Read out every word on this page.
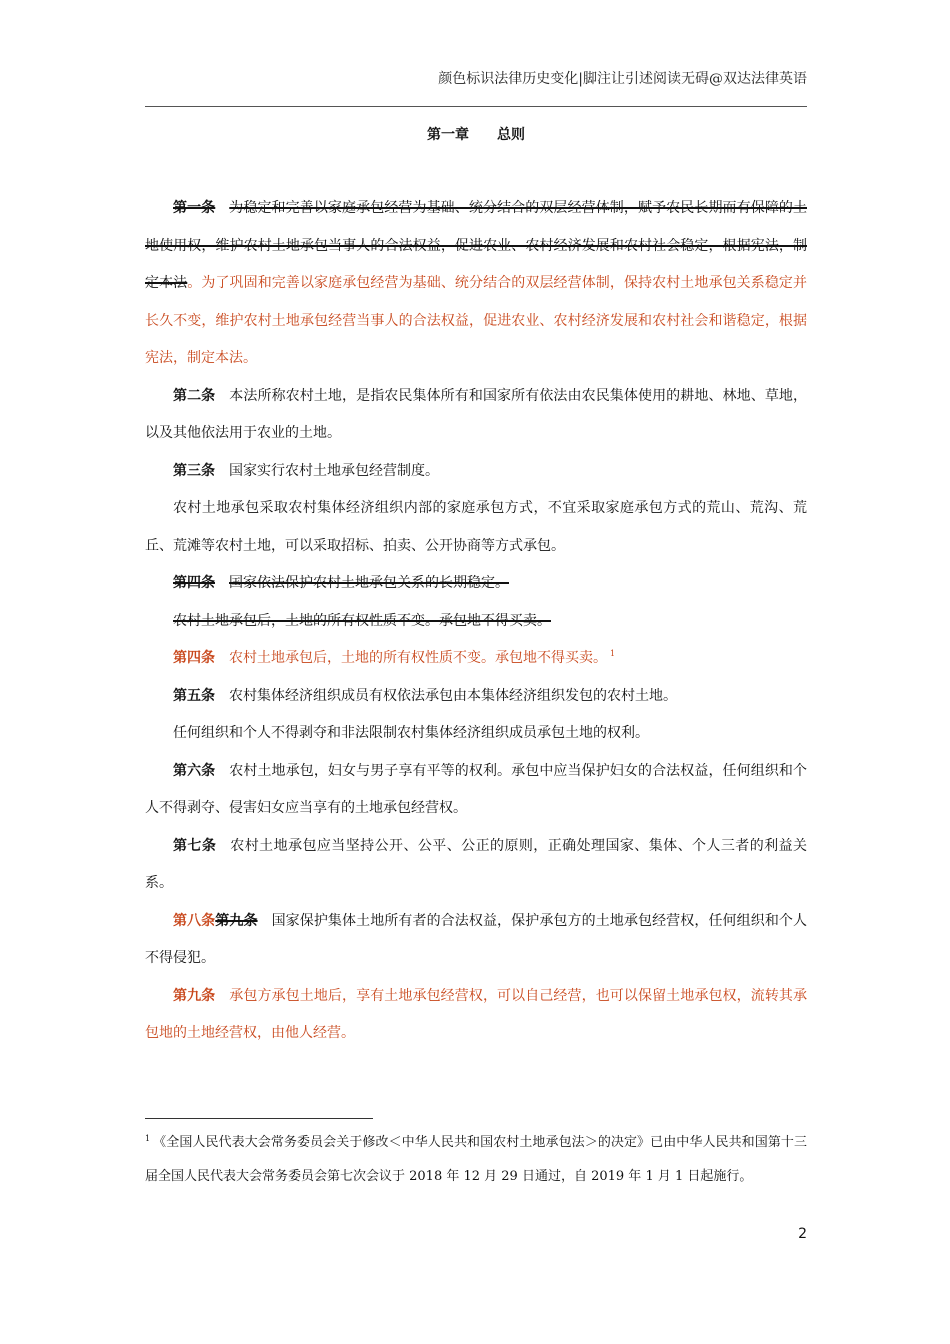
颜色标识法律历史变化|脚注让引述阅读无碍@双达法律英语
第一章　　总则

第一条 为稳定和完善以家庭承包经营为基础、统分结合的双层经营体制，赋予农民长期而有保障的土地使用权，维护农村土地承包当事人的合法权益，促进农业、农村经济发展和农村社会稳定，根据宪法，制定本法。为了巩固和完善以家庭承包经营为基础、统分结合的双层经营体制，保持农村土地承包关系稳定并长久不变，维护农村土地承包经营当事人的合法权益，促进农业、农村经济发展和农村社会和谐稳定，根据宪法，制定本法。

第二条 本法所称农村土地，是指农民集体所有和国家所有依法由农民集体使用的耕地、林地、草地，以及其他依法用于农业的土地。

第三条 国家实行农村土地承包经营制度。

农村土地承包采取农村集体经济组织内部的家庭承包方式，不宜采取家庭承包方式的荒山、荒沟、荒丘、荒滩等农村土地，可以采取招标、拍卖、公开协商等方式承包。

第四条 国家依法保护农村土地承包关系的长期稳定。

农村土地承包后，土地的所有权性质不变。承包地不得买卖。

第四条 农村土地承包后，土地的所有权性质不变。承包地不得买卖。 $^1$

第五条 农村集体经济组织成员有权依法承包由本集体经济组织发包的农村土地。

任何组织和个人不得剥夺和非法限制农村集体经济组织成员承包土地的权利。

第六条 农村土地承包，妇女与男子享有平等的权利。承包中应当保护妇女的合法权益，任何组织和个人不得剥夺、侵害妇女应当享有的土地承包经营权。

第七条 农村土地承包应当坚持公开、公平、公正的原则，正确处理国家、集体、个人三者的利益关系。

第八条第九条 国家保护集体土地所有者的合法权益，保护承包方的土地承包经营权，任何组织和个人不得侵犯。

第九条 承包方承包土地后，享有土地承包经营权，可以自己经营，也可以保留土地承包权，流转其承包地的土地经营权，由他人经营。

$^1$ 《全国人民代表大会常务委员会关于修改＜中华人民共和国农村土地承包法＞的决定》已由中华人民共和国第十三届全国人民代表大会常务委员会第七次会议于 2018 年 12 月 29 日通过，自 2019 年 1 月 1 日起施行。
2
